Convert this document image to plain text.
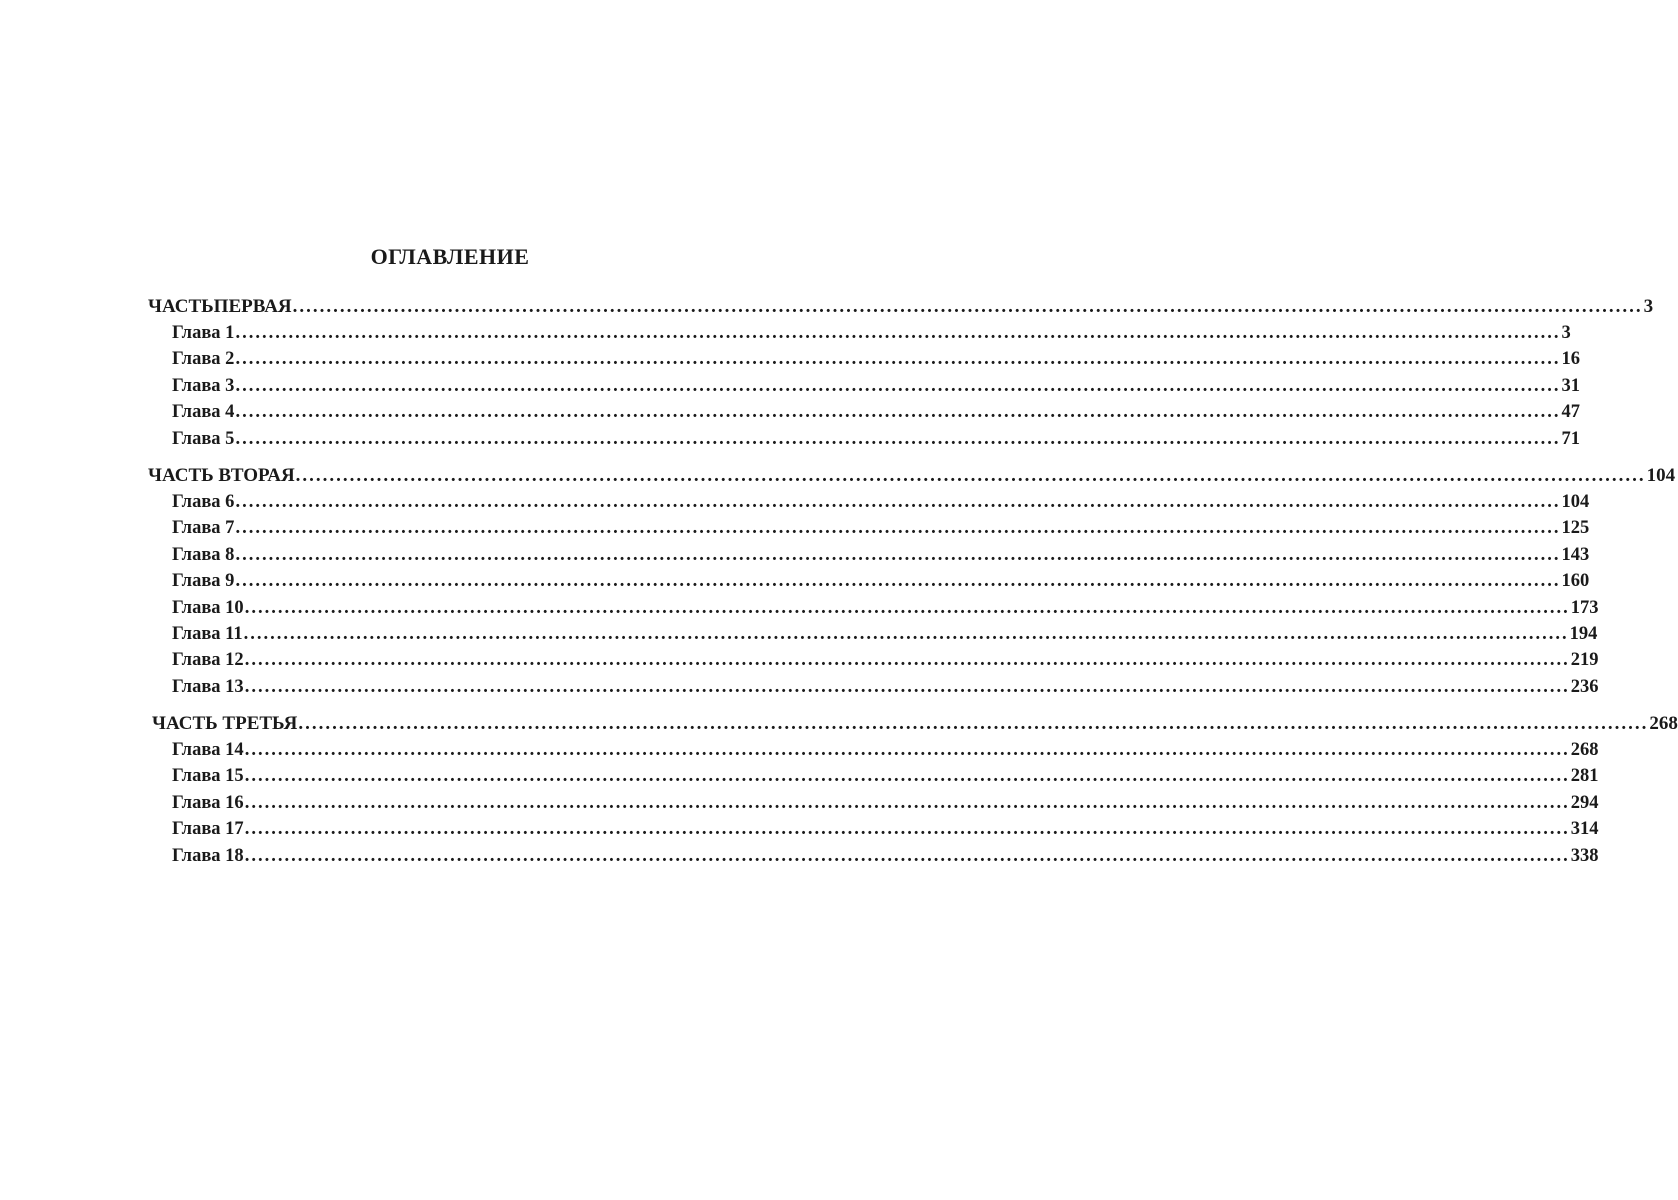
ОГЛАВЛЕНИЕ
ЧАСТЬПЕРВАЯ ........................................................................................................................................................................................................ 3
Глава 1 ........................................................................................................................................................................................................ 3
Глава 2 ........................................................................................................................................................................................................ 16
Глава 3 ........................................................................................................................................................................................................ 31
Глава 4 ........................................................................................................................................................................................................ 47
Глава 5 ........................................................................................................................................................................................................ 71
ЧАСТЬ ВТОРАЯ ........................................................................................................................................................................................................ 104
Глава 6 ........................................................................................................................................................................................................ 104
Глава 7 ........................................................................................................................................................................................................ 125
Глава 8 ........................................................................................................................................................................................................ 143
Глава 9 ........................................................................................................................................................................................................ 160
Глава 10 ........................................................................................................................................................................................................ 173
Глава 11 ........................................................................................................................................................................................................ 194
Глава 12 ........................................................................................................................................................................................................ 219
Глава 13 ........................................................................................................................................................................................................ 236
ЧАСТЬ ТРЕТЬЯ ........................................................................................................................................................................................................ 268
Глава 14 ........................................................................................................................................................................................................ 268
Глава 15 ........................................................................................................................................................................................................ 281
Глава 16 ........................................................................................................................................................................................................ 294
Глава 17 ........................................................................................................................................................................................................ 314
Глава 18 ........................................................................................................................................................................................................ 338
